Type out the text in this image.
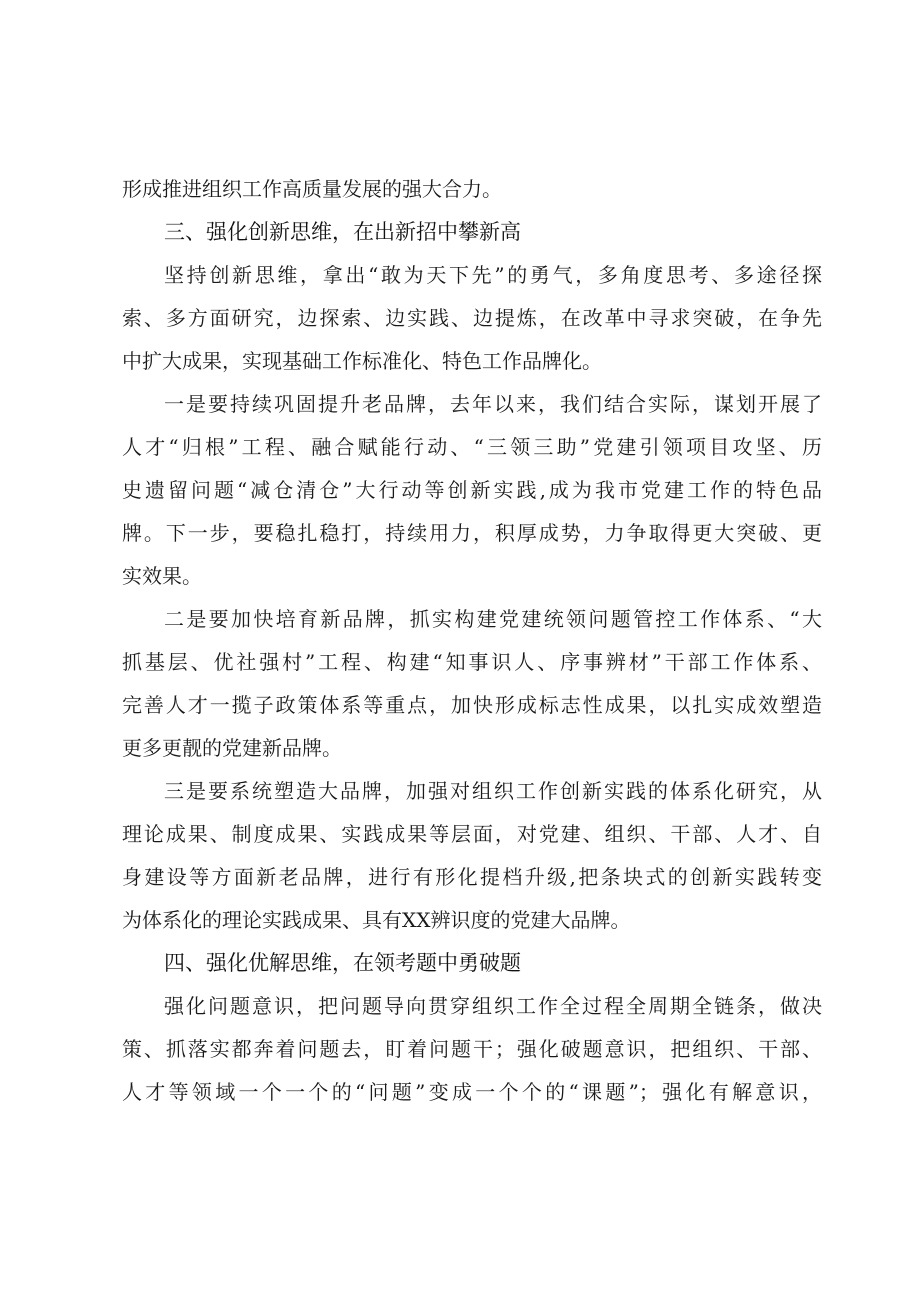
形成推进组织工作高质量发展的强大合力。
三、强化创新思维，在出新招中攀新高
坚持创新思维，拿出“敢为天下先”的勇气，多角度思考、多途径探
索、多方面研究，边探索、边实践、边提炼，在改革中寻求突破，在争先
中扩大成果，实现基础工作标准化、特色工作品牌化。
一是要持续巩固提升老品牌，去年以来，我们结合实际，谋划开展了
人才“归根”工程、融合赋能行动、“三领三助”党建引领项目攻坚、历
史遗留问题“减仓清仓”大行动等创新实践,成为我市党建工作的特色品
牌。下一步，要稳扎稳打，持续用力，积厚成势，力争取得更大突破、更
实效果。
二是要加快培育新品牌，抓实构建党建统领问题管控工作体系、“大
抓基层、优社强村”工程、构建“知事识人、序事辨材”干部工作体系、
完善人才一揽子政策体系等重点，加快形成标志性成果，以扎实成效塑造
更多更靓的党建新品牌。
三是要系统塑造大品牌，加强对组织工作创新实践的体系化研究，从
理论成果、制度成果、实践成果等层面，对党建、组织、干部、人才、自
身建设等方面新老品牌，进行有形化提档升级,把条块式的创新实践转变
为体系化的理论实践成果、具有XX辨识度的党建大品牌。
四、强化优解思维，在领考题中勇破题
强化问题意识，把问题导向贯穿组织工作全过程全周期全链条，做决
策、抓落实都奔着问题去，盯着问题干；强化破题意识，把组织、干部、
人才等领域一个一个的“问题”变成一个个的“课题”；强化有解意识，
